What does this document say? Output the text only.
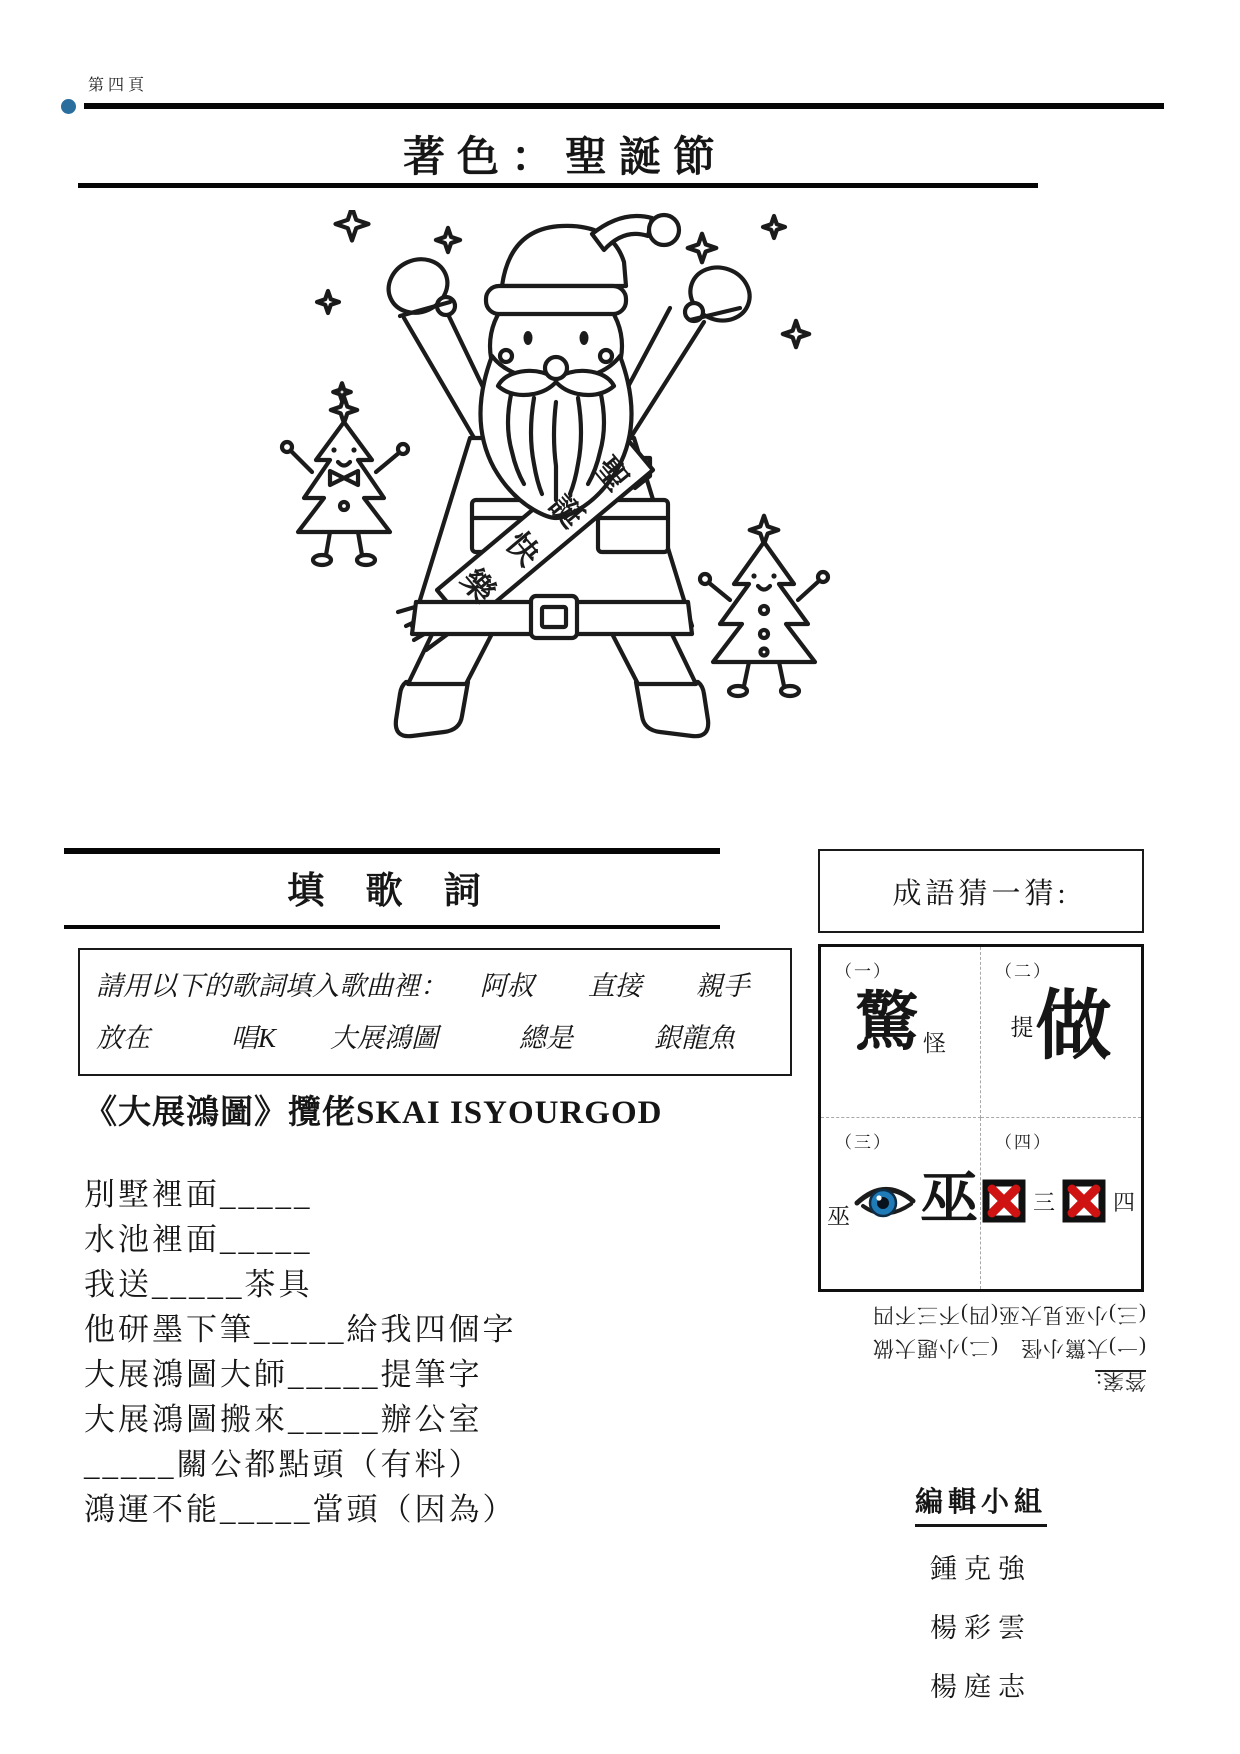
第四頁
著色：聖誕節
聖
誕
快
樂
填 歌 詞
請用以下的歌詞填入歌曲裡： 阿叔　　直接　　親手
放在　　　唱K　　大展鴻圖　　　總是　　　銀龍魚
《大展鴻圖》攬佬SKAI ISYOURGOD
別墅裡面_____
水池裡面_____
我送_____茶具
他研墨下筆_____給我四個字
大展鴻圖大師_____提筆字
大展鴻圖搬來_____辦公室
_____關公都點頭（有料）
鴻運不能_____當頭（因為）
成語猜一猜:
（一）
驚 怪
（二）
提 做
（三）
巫 巫
（四）
三 ☒ 四
答案:
(一)大驚小怪　(二)小題大做
(三)小巫見大巫(四)不三不四
編輯小組
鍾克強
楊彩雲
楊庭志
